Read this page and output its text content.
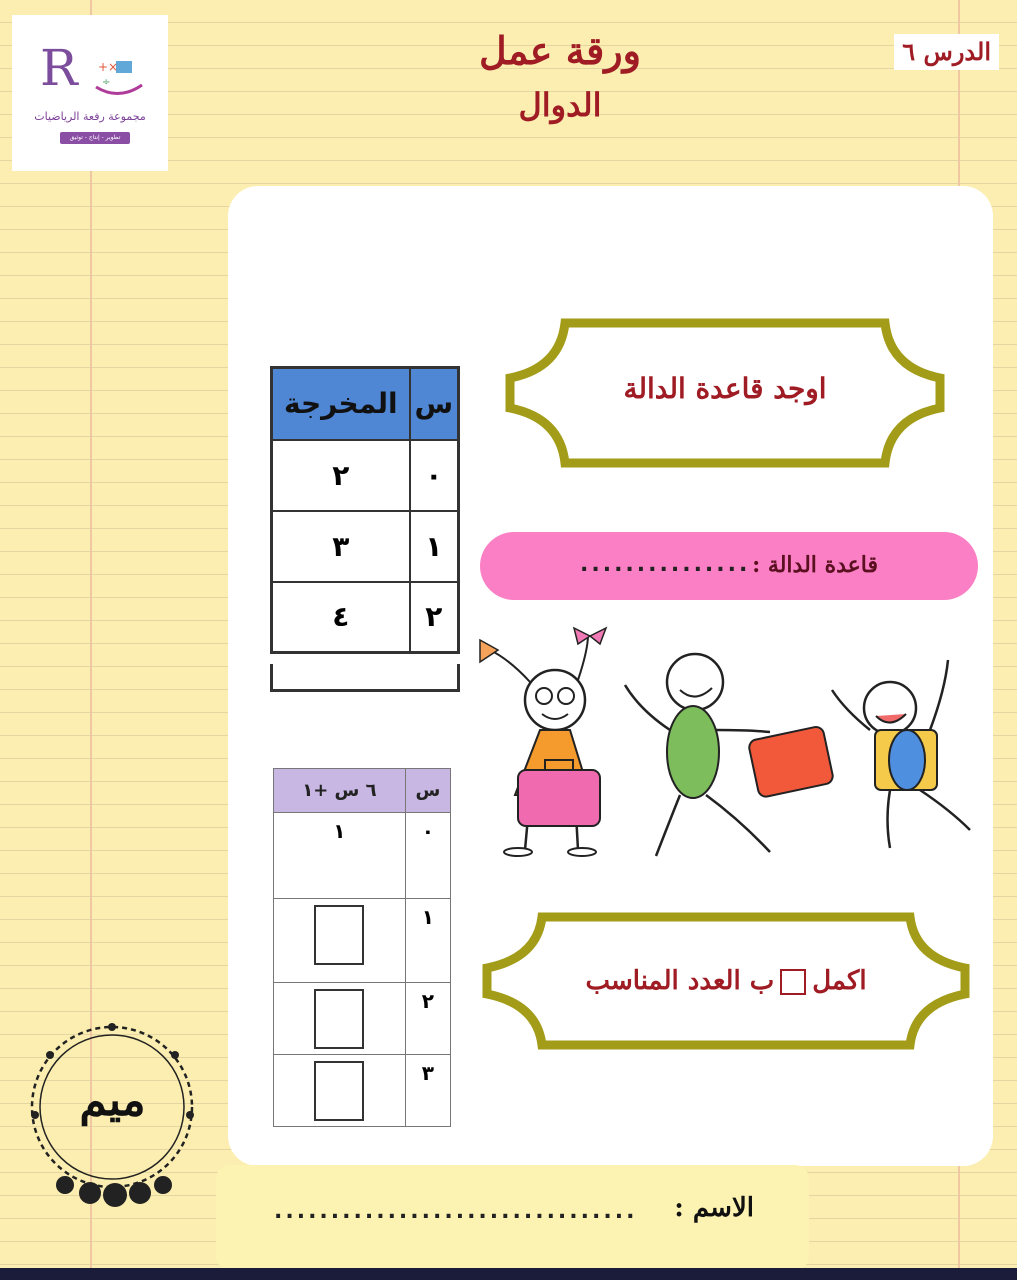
R +×
÷
مجموعة رفعة الرياضيات
تطوير - إنتاج - توثيق
ورقة عمل
الدوال
الدرس ٦
اوجد قاعدة الدالة
المخرجة	س
٢	٠
٣	١
٤	٢
قاعدة الدالة :
...............
٦ س +١	س
١	٠
	١
	٢
	٣
اكملب العدد المناسب
ميم
الاسم :
................................
